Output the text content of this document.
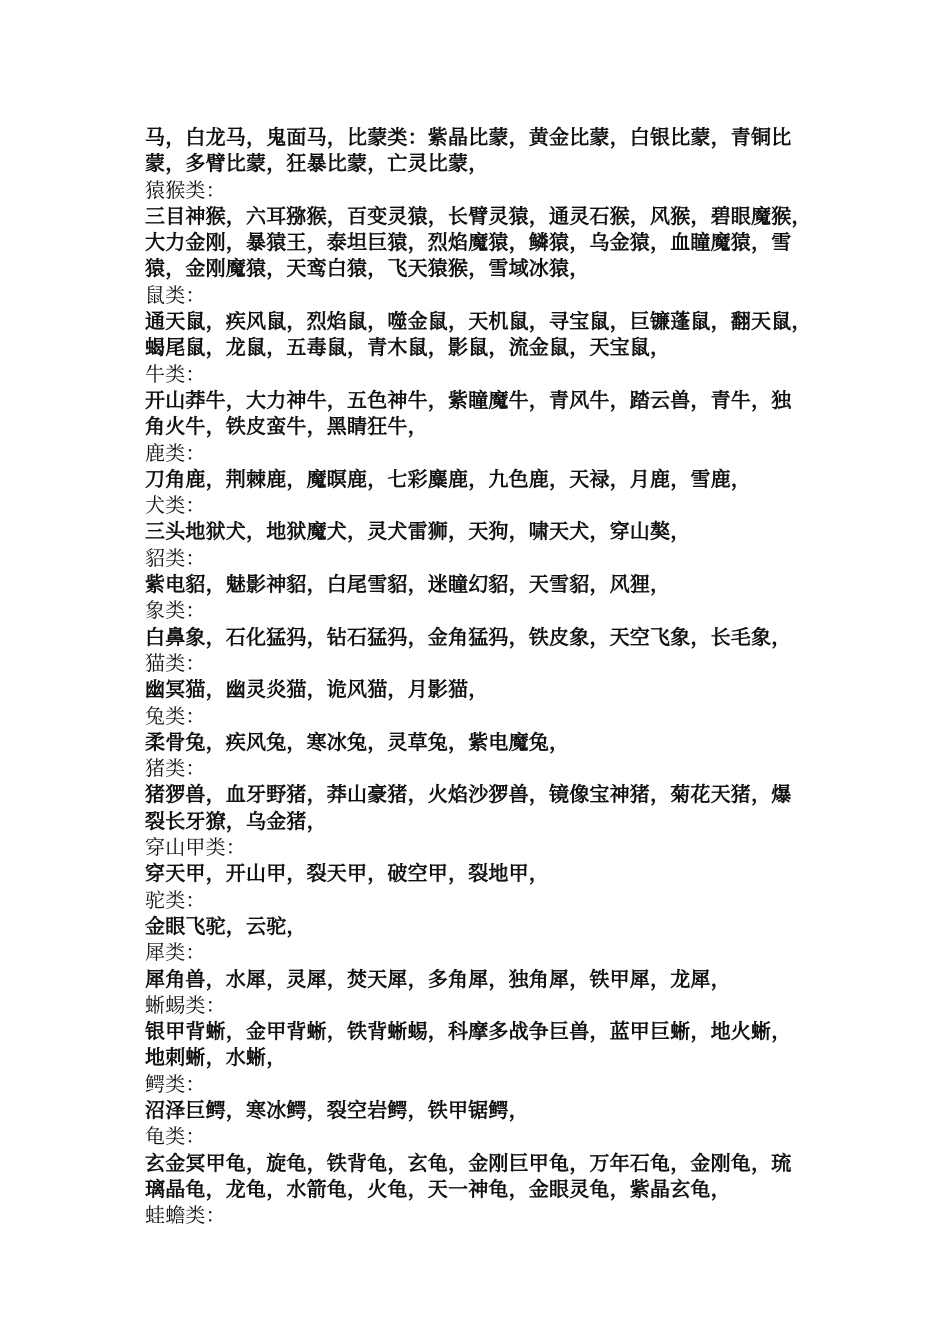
马，白龙马，鬼面马，比蒙类：紫晶比蒙，黄金比蒙，白银比蒙，青铜比
蒙，多臂比蒙，狂暴比蒙，亡灵比蒙，
猿猴类：
三目神猴，六耳猕猴，百变灵猿，长臂灵猿，通灵石猴，风猴，碧眼魔猴，
大力金刚，暴猿王，泰坦巨猿，烈焰魔猿，鳞猿，乌金猿，血瞳魔猿，雪
猿，金刚魔猿，天鸾白猿，飞天猿猴，雪域冰猿，
鼠类：
通天鼠，疾风鼠，烈焰鼠，噬金鼠，天机鼠，寻宝鼠，巨镰蓬鼠，翻天鼠，
蝎尾鼠，龙鼠，五毒鼠，青木鼠，影鼠，流金鼠，天宝鼠，
牛类：
开山莽牛，大力神牛，五色神牛，紫瞳魔牛，青风牛，踏云兽，青牛，独
角火牛，铁皮蛮牛，黑睛狂牛，
鹿类：
刀角鹿，荆棘鹿，魔暝鹿，七彩麋鹿，九色鹿，天禄，月鹿，雪鹿，
犬类：
三头地狱犬，地狱魔犬，灵犬雷狮，天狗，啸天犬，穿山獒，
貂类：
紫电貂，魅影神貂，白尾雪貂，迷瞳幻貂，天雪貂，风狸，
象类：
白鼻象，石化猛犸，钻石猛犸，金角猛犸，铁皮象，天空飞象，长毛象，
猫类：
幽冥猫，幽灵炎猫，诡风猫，月影猫，
兔类：
柔骨兔，疾风兔，寒冰兔，灵草兔，紫电魔兔，
猪类：
猪猡兽，血牙野猪，莽山豪猪，火焰沙猡兽，镜像宝神猪，菊花天猪，爆
裂长牙獠，乌金猪，
穿山甲类：
穿天甲，开山甲，裂天甲，破空甲，裂地甲，
驼类：
金眼飞驼，云驼，
犀类：
犀角兽，水犀，灵犀，焚天犀，多角犀，独角犀，铁甲犀，龙犀，
蜥蜴类：
银甲背蜥，金甲背蜥，铁背蜥蜴，科摩多战争巨兽，蓝甲巨蜥，地火蜥，
地刺蜥，水蜥，
鳄类：
沼泽巨鳄，寒冰鳄，裂空岩鳄，铁甲锯鳄，
龟类：
玄金冥甲龟，旋龟，铁背龟，玄龟，金刚巨甲龟，万年石龟，金刚龟，琉
璃晶龟，龙龟，水箭龟，火龟，天一神龟，金眼灵龟，紫晶玄龟，
蛙蟾类：
